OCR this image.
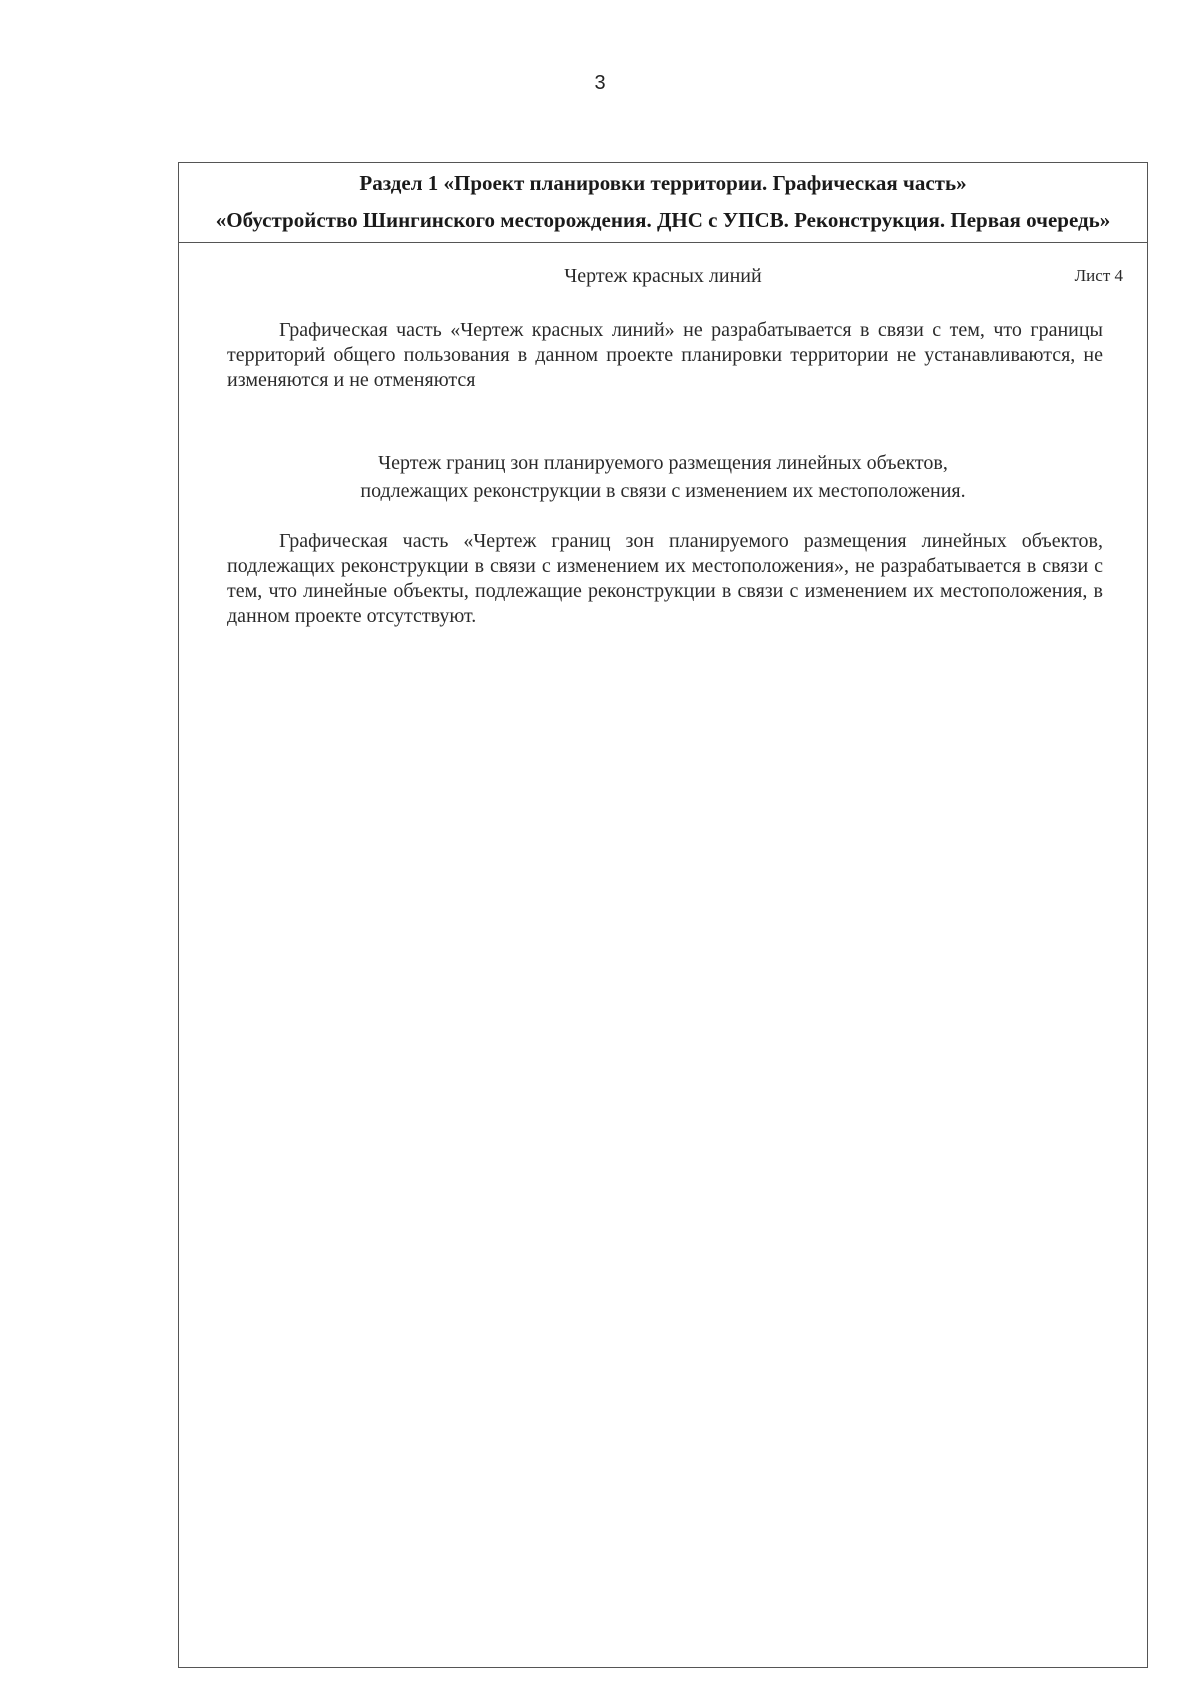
3
Раздел 1 «Проект планировки территории. Графическая часть»
«Обустройство Шингинского месторождения. ДНС с УПСВ. Реконструкция. Первая очередь»
Чертеж красных линий	Лист 4
Графическая часть «Чертеж красных линий» не разрабатывается в связи с тем, что границы территорий общего пользования в данном проекте планировки территории не устанавливаются, не изменяются и не отменяются
Чертеж границ зон планируемого размещения линейных объектов,
подлежащих реконструкции в связи с изменением их местоположения.
Графическая часть «Чертеж границ зон планируемого размещения линейных объектов, подлежащих реконструкции в связи с изменением их местоположения», не разрабатывается в связи с тем, что линейные объекты, подлежащие реконструкции в связи с изменением их местоположения, в данном проекте отсутствуют.
